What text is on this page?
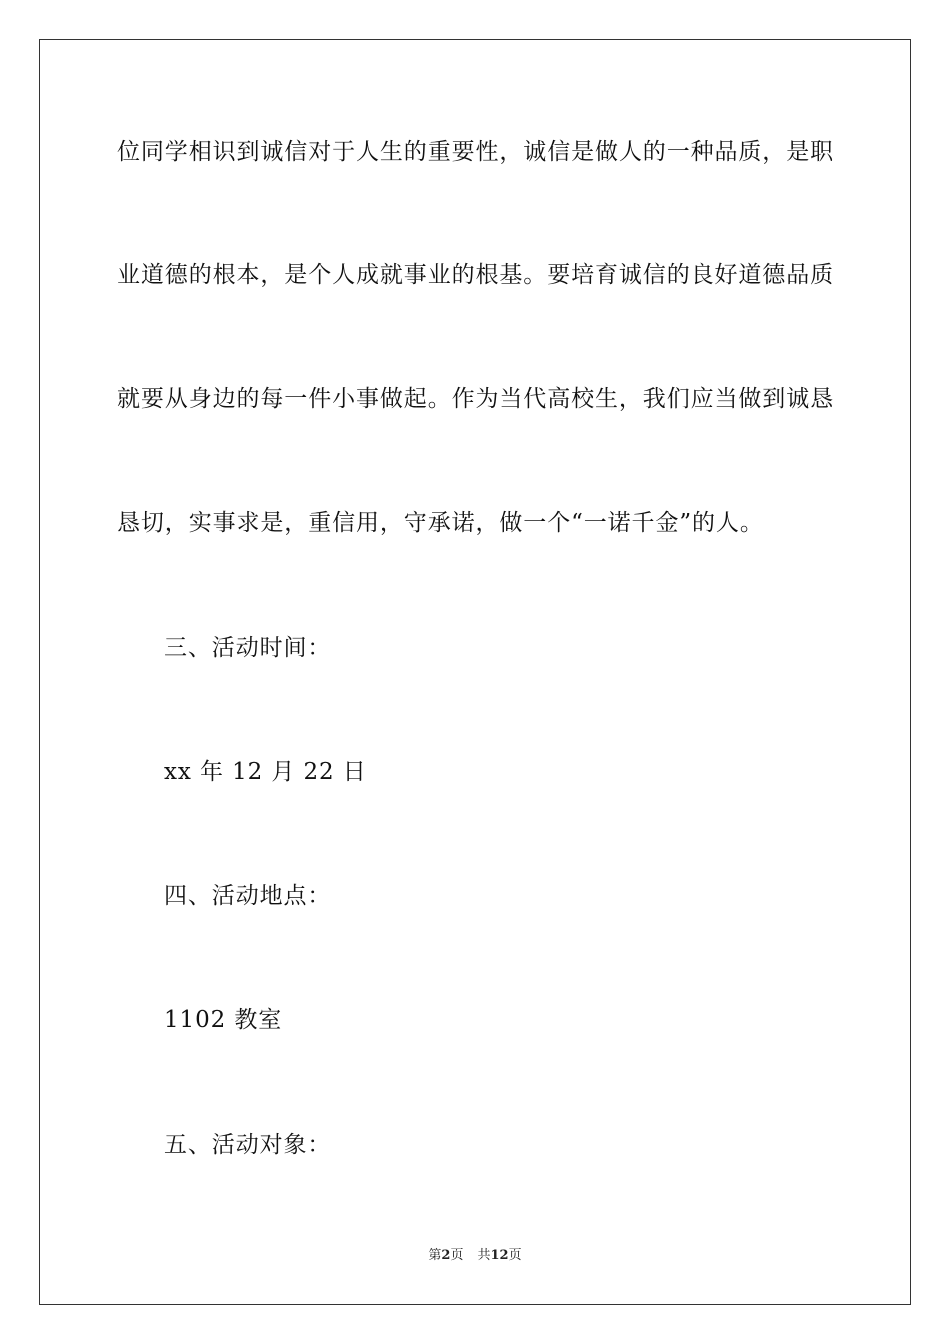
位同学相识到诚信对于人生的重要性，诚信是做人的一种品质，是职
业道德的根本，是个人成就事业的根基。要培育诚信的良好道德品质
就要从身边的每一件小事做起。作为当代高校生，我们应当做到诚恳
恳切，实事求是，重信用，守承诺，做一个“一诺千金”的人。
三、活动时间：
xx 年 12 月 22 日
四、活动地点：
1102 教室
五、活动对象：
第2页 共12页
